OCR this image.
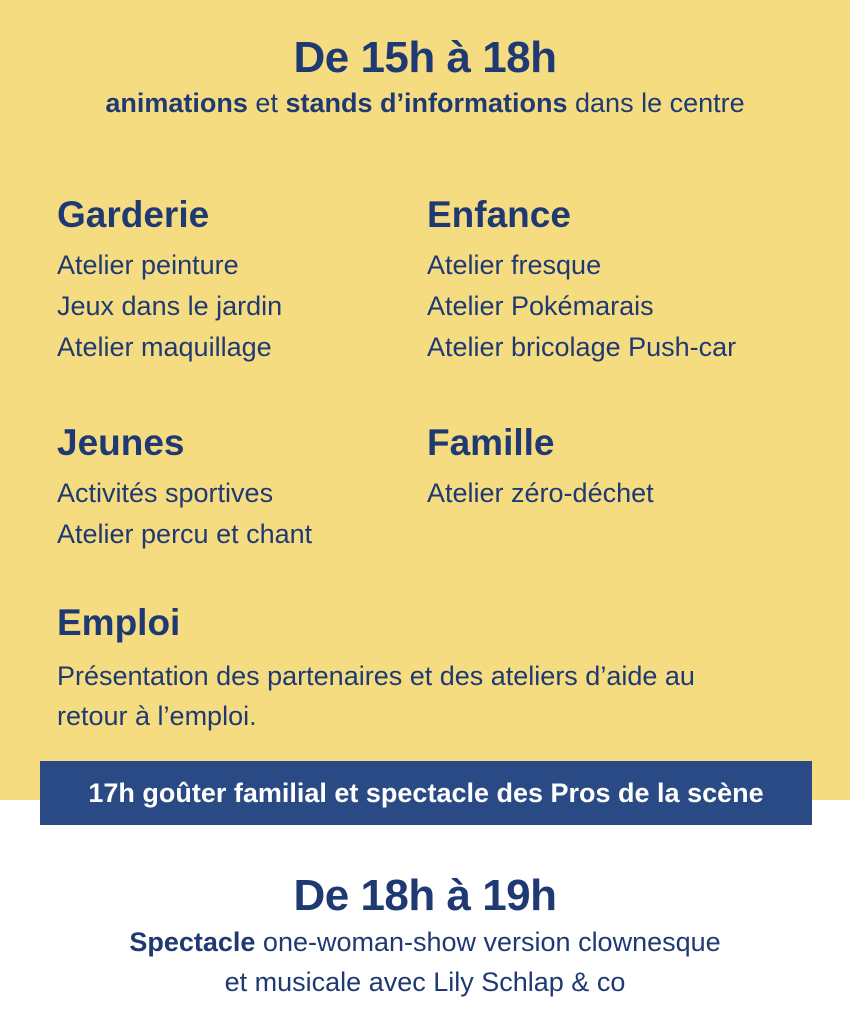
De 15h à 18h
animations et stands d’informations dans le centre
Garderie
Atelier peinture
Jeux dans le jardin
Atelier maquillage
Enfance
Atelier fresque
Atelier Pokémarais
Atelier bricolage Push-car
Jeunes
Activités sportives
Atelier percu et chant
Famille
Atelier zéro-déchet
Emploi
Présentation des partenaires et des ateliers d’aide au
retour à l’emploi.
17h goûter familial et spectacle des Pros de la scène
De 18h à 19h
Spectacle one-woman-show version clownesque
et musicale avec Lily Schlap & co
